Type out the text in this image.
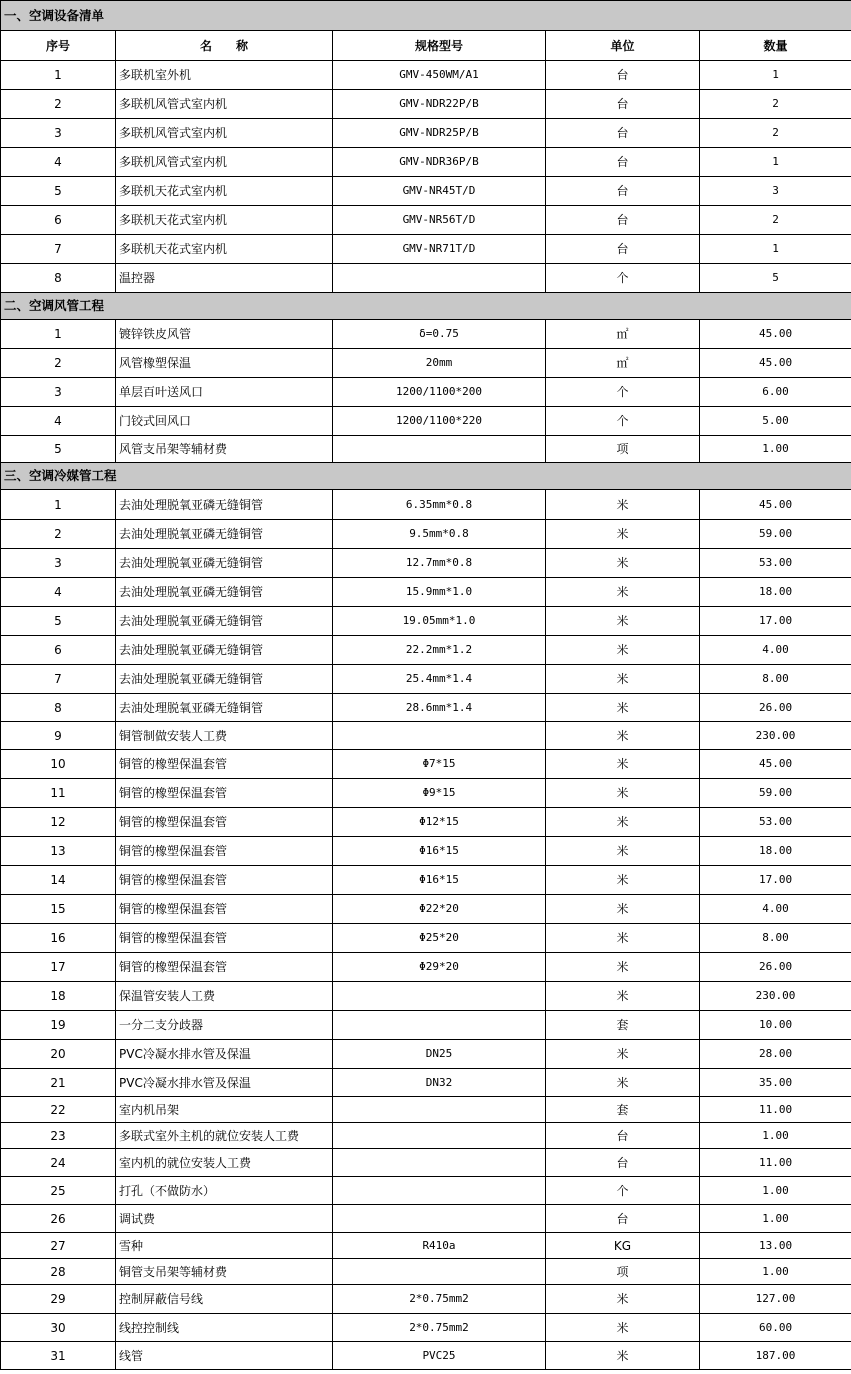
一、空调设备清单				
序号	名　　称	规格型号	单位	数量
1	多联机室外机	GMV-450WM/A1	台	1
2	多联机风管式室内机	GMV-NDR22P/B	台	2
3	多联机风管式室内机	GMV-NDR25P/B	台	2
4	多联机风管式室内机	GMV-NDR36P/B	台	1
5	多联机天花式室内机	GMV-NR45T/D	台	3
6	多联机天花式室内机	GMV-NR56T/D	台	2
7	多联机天花式室内机	GMV-NR71T/D	台	1
8	温控器		个	5
二、空调风管工程				
1	镀锌铁皮风管	δ=0.75	㎡	45.00
2	风管橡塑保温	20mm	㎡	45.00
3	单层百叶送风口	1200/1100*200	个	6.00
4	门铰式回风口	1200/1100*220	个	5.00
5	风管支吊架等辅材费		项	1.00
三、空调冷媒管工程				
1	去油处理脱氧亚磷无缝铜管	6.35mm*0.8	米	45.00
2	去油处理脱氧亚磷无缝铜管	9.5mm*0.8	米	59.00
3	去油处理脱氧亚磷无缝铜管	12.7mm*0.8	米	53.00
4	去油处理脱氧亚磷无缝铜管	15.9mm*1.0	米	18.00
5	去油处理脱氧亚磷无缝铜管	19.05mm*1.0	米	17.00
6	去油处理脱氧亚磷无缝铜管	22.2mm*1.2	米	4.00
7	去油处理脱氧亚磷无缝铜管	25.4mm*1.4	米	8.00
8	去油处理脱氧亚磷无缝铜管	28.6mm*1.4	米	26.00
9	铜管制做安装人工费		米	230.00
10	铜管的橡塑保温套管	Φ7*15	米	45.00
11	铜管的橡塑保温套管	Φ9*15	米	59.00
12	铜管的橡塑保温套管	Φ12*15	米	53.00
13	铜管的橡塑保温套管	Φ16*15	米	18.00
14	铜管的橡塑保温套管	Φ16*15	米	17.00
15	铜管的橡塑保温套管	Φ22*20	米	4.00
16	铜管的橡塑保温套管	Φ25*20	米	8.00
17	铜管的橡塑保温套管	Φ29*20	米	26.00
18	保温管安装人工费		米	230.00
19	一分二支分歧器		套	10.00
20	PVC冷凝水排水管及保温	DN25	米	28.00
21	PVC冷凝水排水管及保温	DN32	米	35.00
22	室内机吊架		套	11.00
23	多联式室外主机的就位安装人工费		台	1.00
24	室内机的就位安装人工费		台	11.00
25	打孔（不做防水）		个	1.00
26	调试费		台	1.00
27	雪种	R410a	KG	13.00
28	铜管支吊架等辅材费		项	1.00
29	控制屏蔽信号线	2*0.75mm2	米	127.00
30	线控控制线	2*0.75mm2	米	60.00
31	线管	PVC25	米	187.00
